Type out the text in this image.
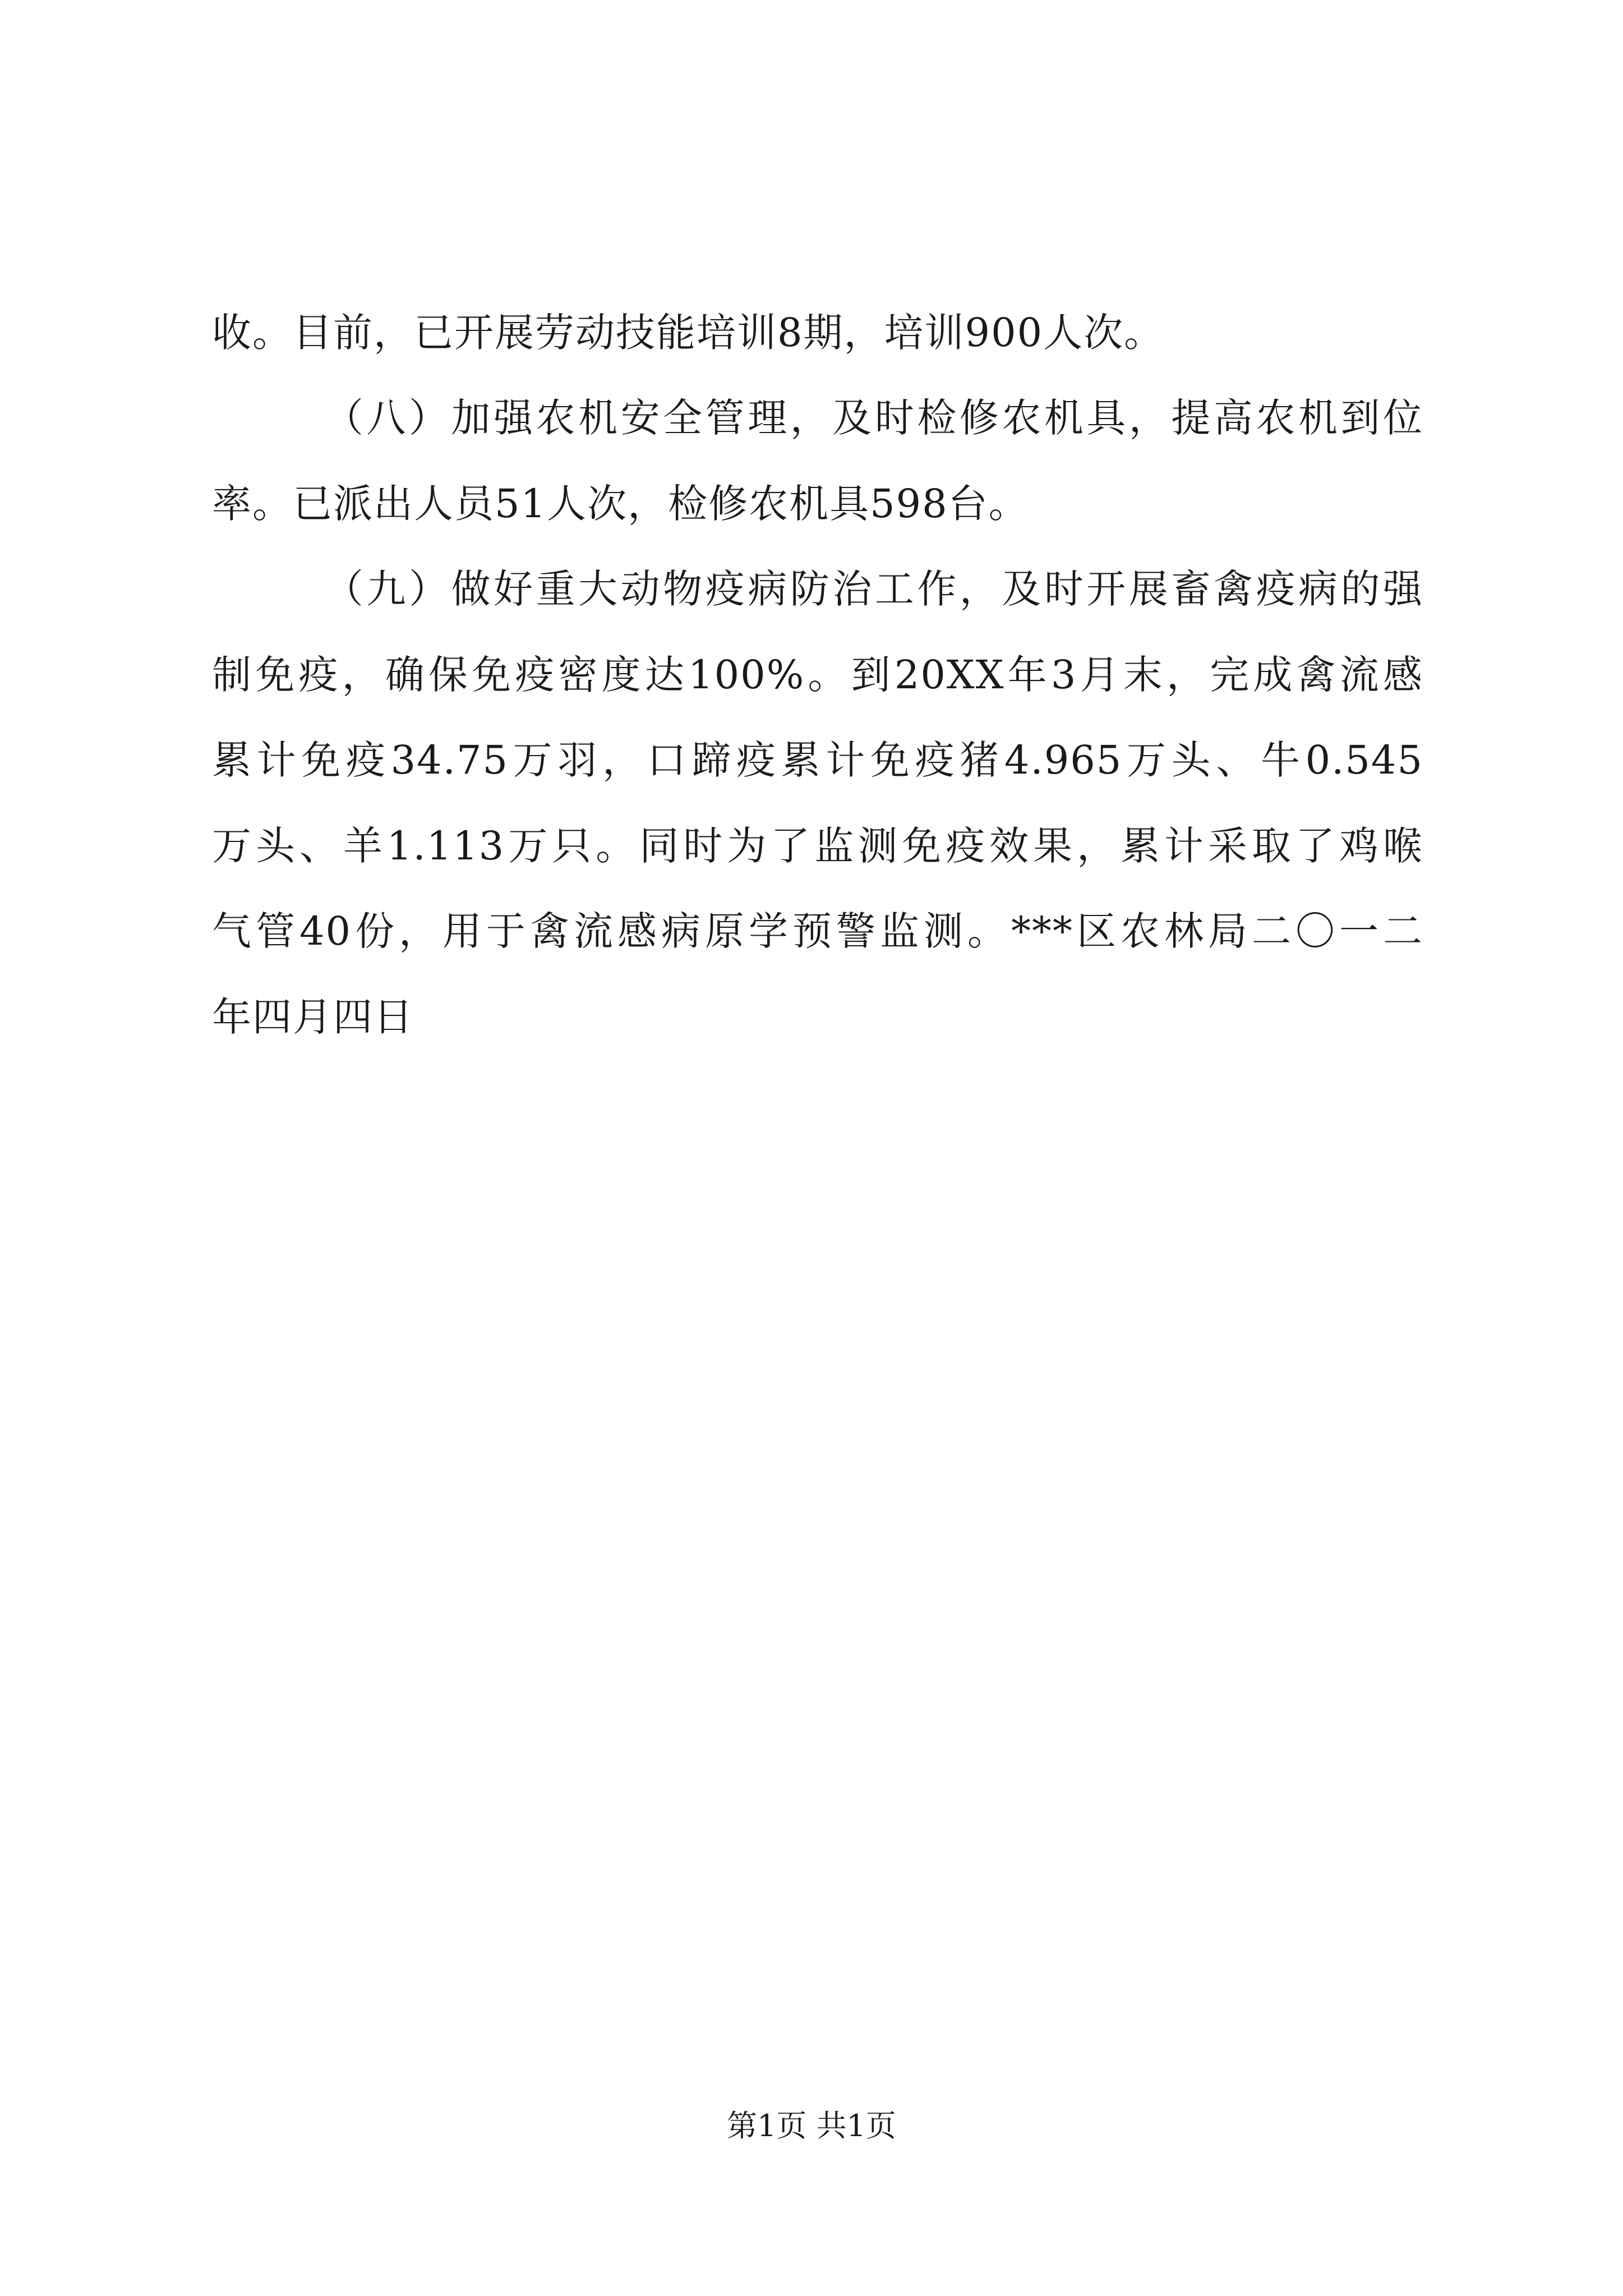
收。目前，已开展劳动技能培训8期，培训900人次。
（八）加强农机安全管理，及时检修农机具，提高农机到位
率。已派出人员51人次，检修农机具598台。
（九）做好重大动物疫病防治工作，及时开展畜禽疫病的强
制免疫，确保免疫密度达100%。到20XX年3月末，完成禽流感
累计免疫34.75万羽，口蹄疫累计免疫猪4.965万头、牛0.545
万头、羊1.113万只。同时为了监测免疫效果，累计采取了鸡喉
气管40份，用于禽流感病原学预警监测。***区农林局二〇一二
年四月四日
第1页 共1页
